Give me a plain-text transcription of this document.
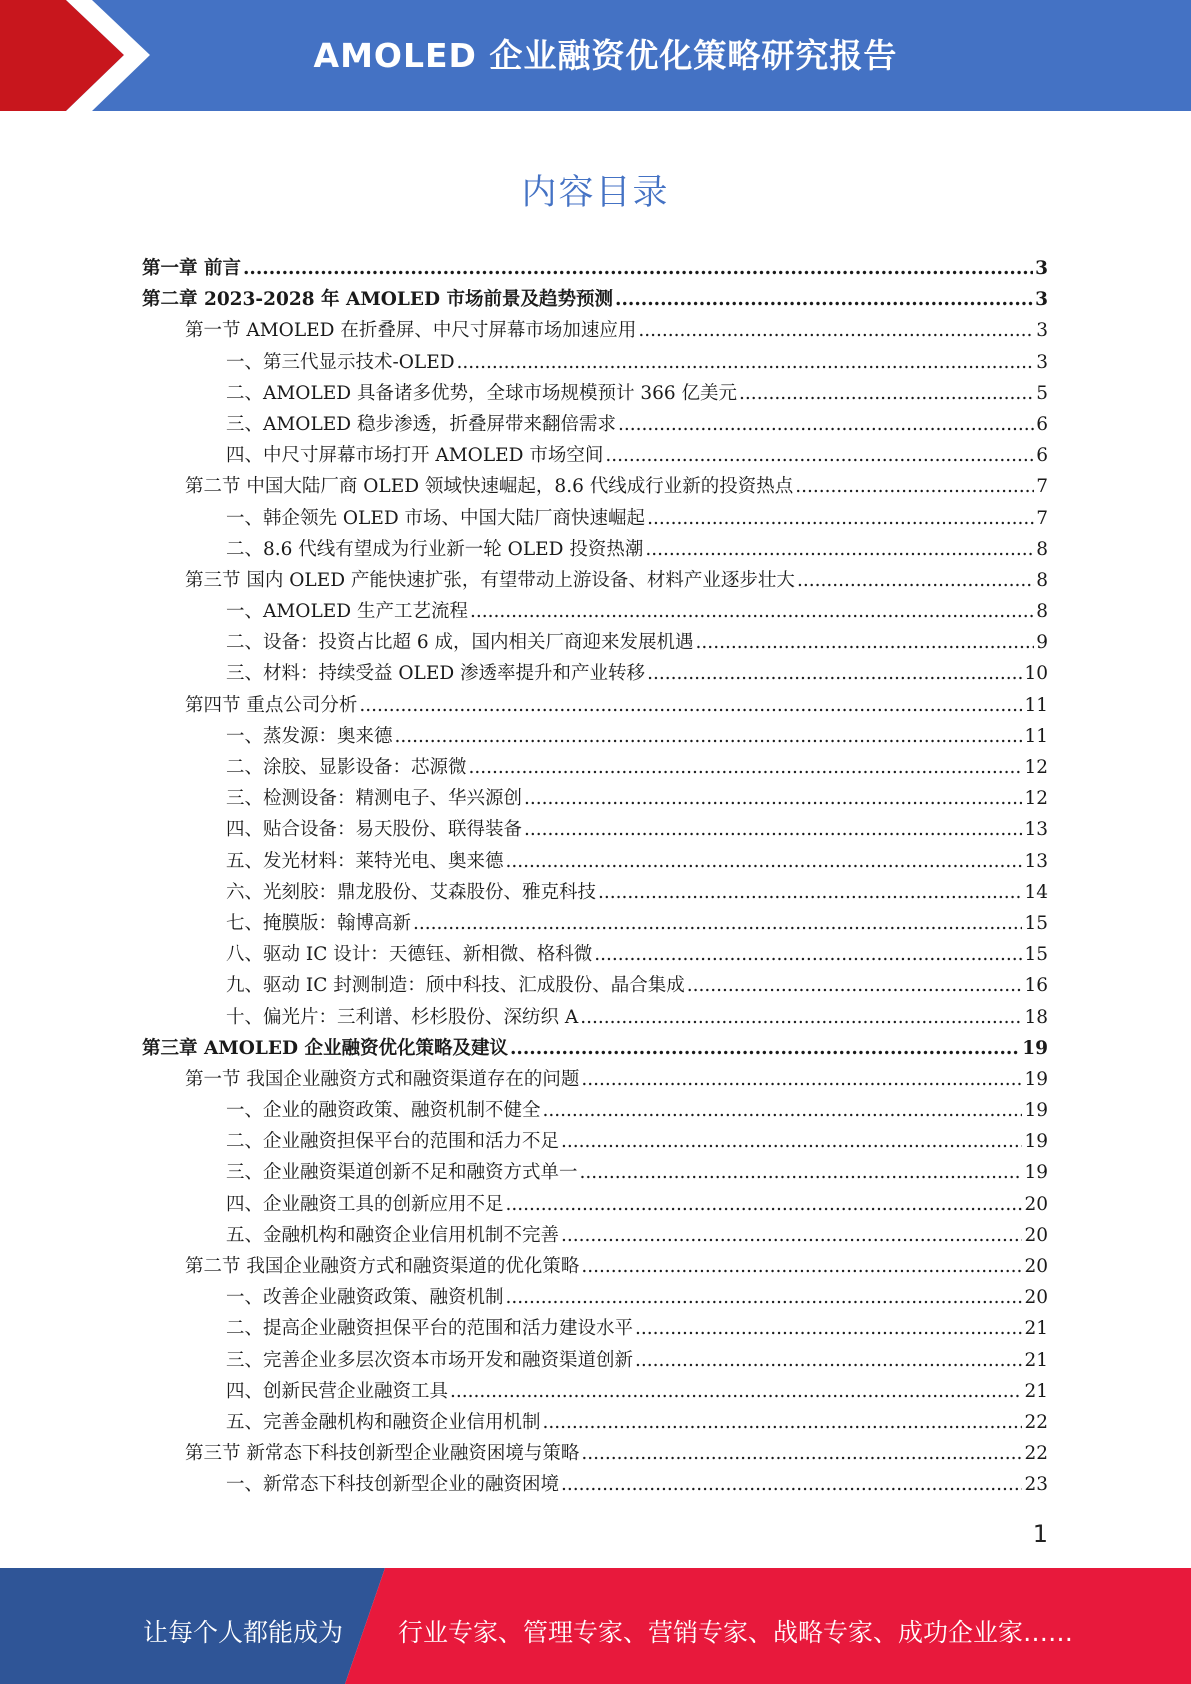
AMOLED 企业融资优化策略研究报告
内容目录
第一章 前言 .....	3
第二章 2023-2028 年 AMOLED 市场前景及趋势预测 .....	3
第一节 AMOLED 在折叠屏、中尺寸屏幕市场加速应用 .....	3
一、第三代显示技术-OLED .....	3
二、AMOLED 具备诸多优势，全球市场规模预计 366 亿美元 .....	5
三、AMOLED 稳步渗透，折叠屏带来翻倍需求 .....	6
四、中尺寸屏幕市场打开 AMOLED 市场空间 .....	6
第二节 中国大陆厂商 OLED 领域快速崛起，8.6 代线成行业新的投资热点 .....	7
一、韩企领先 OLED 市场、中国大陆厂商快速崛起 .....	7
二、8.6 代线有望成为行业新一轮 OLED 投资热潮 .....	8
第三节 国内 OLED 产能快速扩张，有望带动上游设备、材料产业逐步壮大 .....	8
一、AMOLED 生产工艺流程 .....	8
二、设备：投资占比超 6 成，国内相关厂商迎来发展机遇 .....	9
三、材料：持续受益 OLED 渗透率提升和产业转移 .....	10
第四节 重点公司分析 .....	11
一、蒸发源：奥来德 .....	11
二、涂胶、显影设备：芯源微 .....	12
三、检测设备：精测电子、华兴源创 .....	12
四、贴合设备：易天股份、联得装备 .....	13
五、发光材料：莱特光电、奥来德 .....	13
六、光刻胶：鼎龙股份、艾森股份、雅克科技 .....	14
七、掩膜版：翰博高新 .....	15
八、驱动 IC 设计：天德钰、新相微、格科微 .....	15
九、驱动 IC 封测制造：颀中科技、汇成股份、晶合集成 .....	16
十、偏光片：三利谱、杉杉股份、深纺织 A .....	18
第三章 AMOLED 企业融资优化策略及建议 .....	19
第一节 我国企业融资方式和融资渠道存在的问题 .....	19
一、企业的融资政策、融资机制不健全 .....	19
二、企业融资担保平台的范围和活力不足 .....	19
三、企业融资渠道创新不足和融资方式单一 .....	19
四、企业融资工具的创新应用不足 .....	20
五、金融机构和融资企业信用机制不完善 .....	20
第二节 我国企业融资方式和融资渠道的优化策略 .....	20
一、改善企业融资政策、融资机制 .....	20
二、提高企业融资担保平台的范围和活力建设水平 .....	21
三、完善企业多层次资本市场开发和融资渠道创新 .....	21
四、创新民营企业融资工具 .....	21
五、完善金融机构和融资企业信用机制 .....	22
第三节 新常态下科技创新型企业融资困境与策略 .....	22
一、新常态下科技创新型企业的融资困境 .....	23
1
让每个人都能成为 行业专家、管理专家、营销专家、战略专家、成功企业家……
